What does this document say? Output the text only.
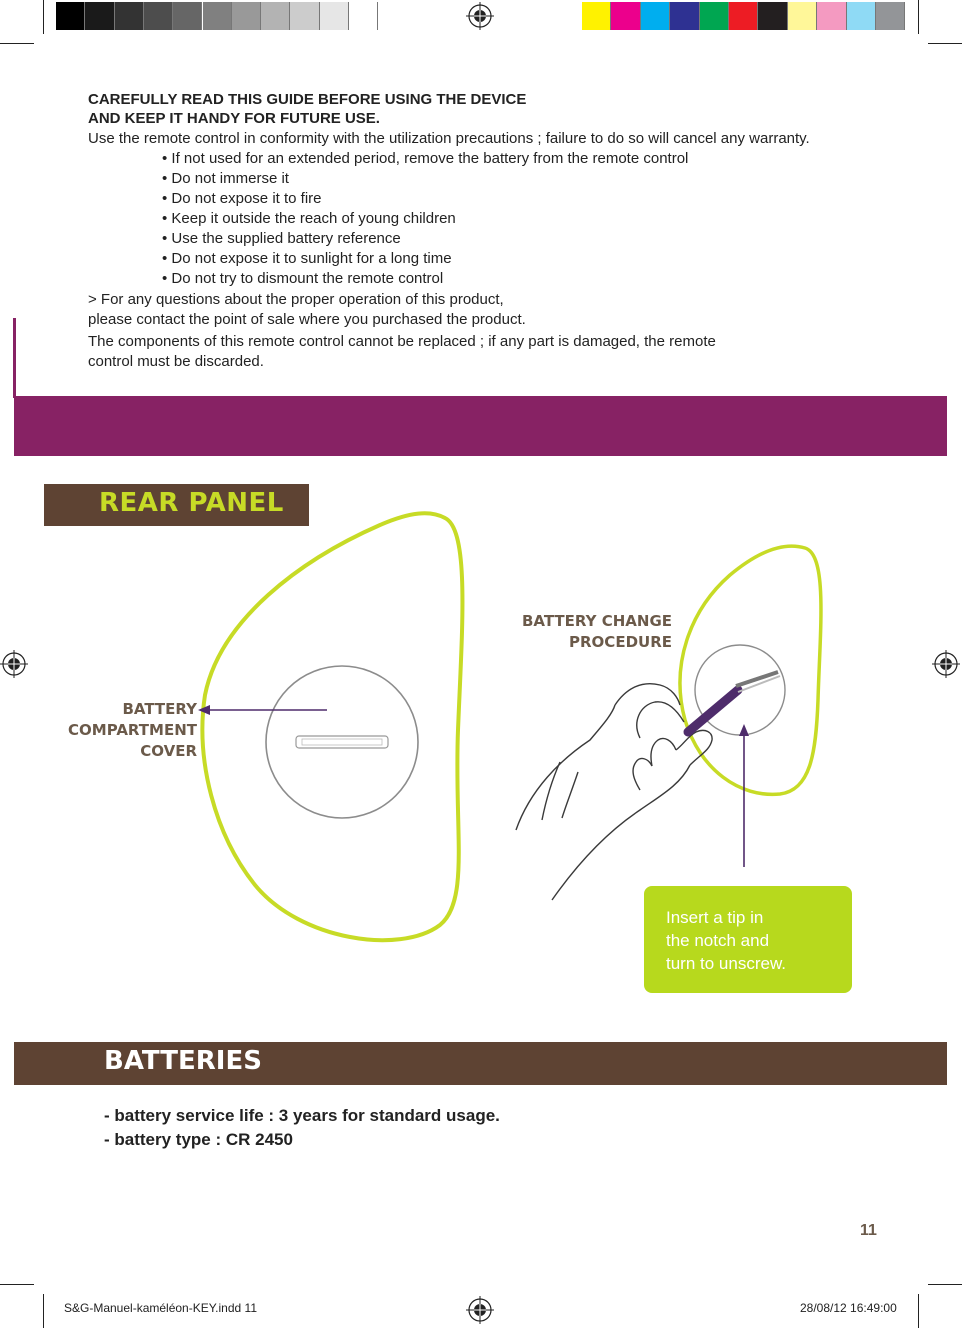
CAREFULLY READ THIS GUIDE BEFORE USING THE DEVICE
AND KEEP IT HANDY FOR FUTURE USE.
Use the remote control in conformity with the utilization precautions ; failure to do so will cancel any warranty.
• If not used for an extended period, remove the battery from the remote control
• Do not immerse it
• Do not expose it to fire
• Keep it outside the reach of young children
• Use the supplied battery reference
• Do not expose it to sunlight for a long time
• Do not try to dismount the remote control
> For any questions about the proper operation of this product,
please contact the point of sale where you purchased the product.
The components of this remote control cannot be replaced ; if any part is damaged, the remote
control must be discarded.
REAR PANEL
BATTERY
COMPARTMENT
COVER
BATTERY CHANGE
PROCEDURE
Insert a tip in
the notch and
turn to unscrew.
BATTERIES
- battery service life : 3 years for standard usage.
- battery type : CR 2450
11
S&G-Manuel-kaméléon-KEY.indd 11	28/08/12 16:49:00
